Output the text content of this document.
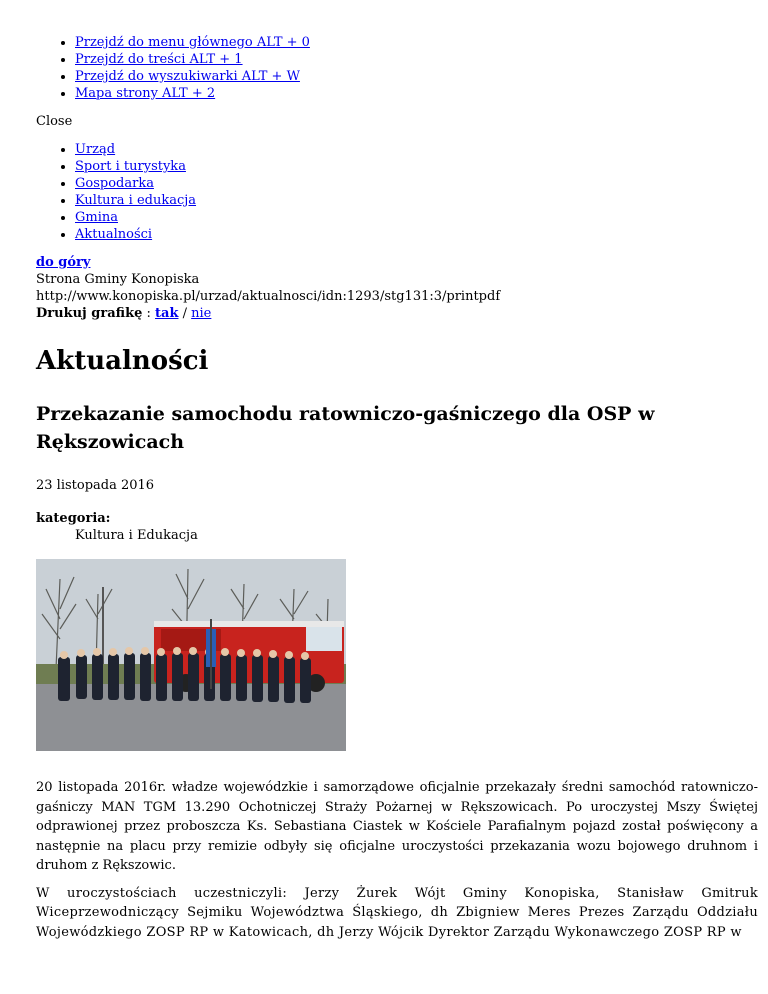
• Przejdź do menu głównego ALT + 0
• Przejdź do treści ALT + 1
• Przejdź do wyszukiwarki ALT + W
• Mapa strony ALT + 2
Close
• Urząd
• Sport i turystyka
• Gospodarka
• Kultura i edukacja
• Gmina
• Aktualności
do góry
Strona Gminy Konopiska
http://www.konopiska.pl/urzad/aktualnosci/idn:1293/stg131:3/printpdf
Drukuj grafikę : tak / nie
Aktualności
Przekazanie samochodu ratowniczo-gaśniczego dla OSP w Rększowicach
23 listopada 2016
kategoria:
Kultura i Edukacja

20 listopada 2016r. władze wojewódzkie i samorządowe oficjalnie przekazały średni samochód ratowniczo-gaśniczy MAN TGM 13.290 Ochotniczej Straży Pożarnej w Rększowicach. Po uroczystej Mszy Świętej odprawionej przez proboszcza Ks. Sebastiana Ciastek w Kościele Parafialnym pojazd został poświęcony a następnie na placu przy remizie odbyły się oficjalne uroczystości przekazania wozu bojowego druhnom i druhom z Rększowic.

W uroczystościach uczestniczyli: Jerzy Żurek Wójt Gminy Konopiska, Stanisław Gmitruk Wiceprzewodniczący Sejmiku Województwa Śląskiego, dh Zbigniew Meres Prezes Zarządu Oddziału Wojewódzkiego ZOSP RP w Katowicach, dh Jerzy Wójcik Dyrektor Zarządu Wykonawczego ZOSP RP w
